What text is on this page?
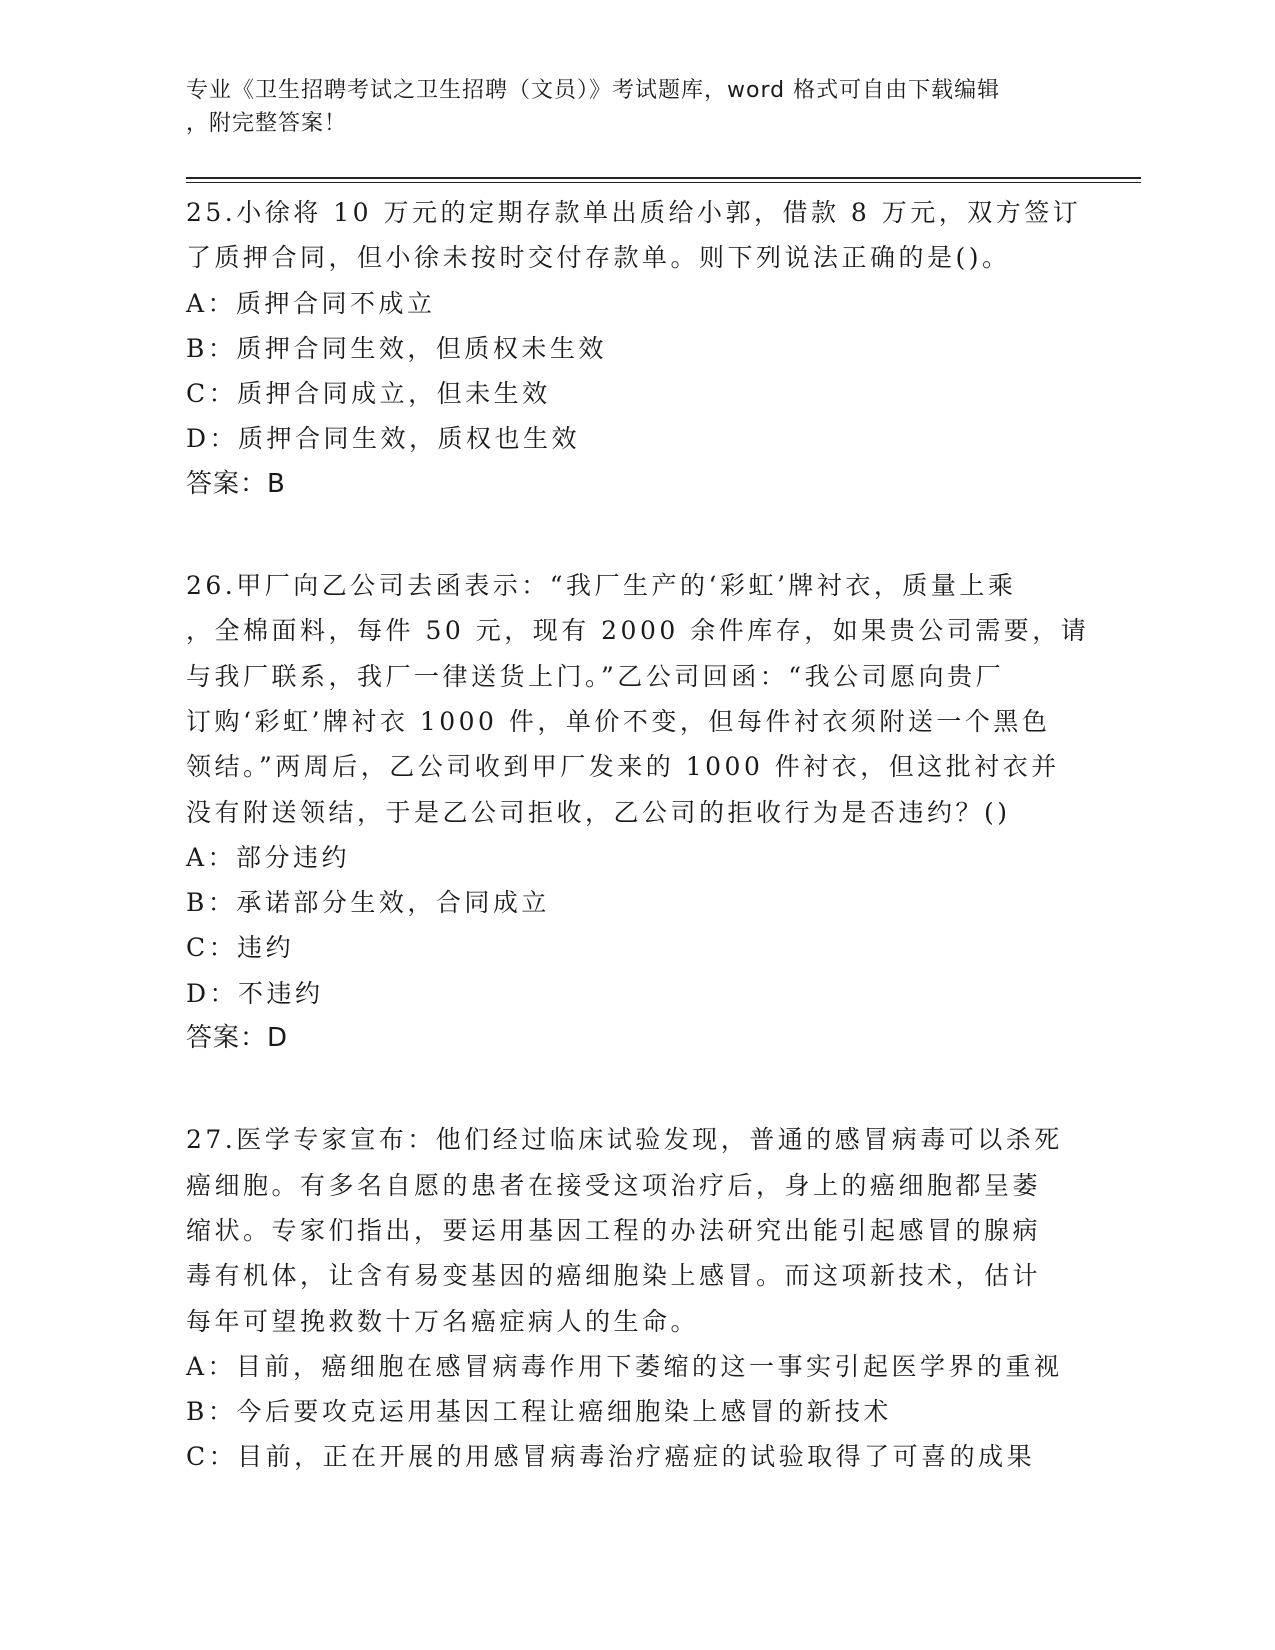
专业《卫生招聘考试之卫生招聘（文员）》考试题库，word 格式可自由下载编辑
，附完整答案！
25.小徐将 10 万元的定期存款单出质给小郭，借款 8 万元，双方签订
了质押合同，但小徐未按时交付存款单。则下列说法正确的是()。
A：质押合同不成立
B：质押合同生效，但质权未生效
C：质押合同成立，但未生效
D：质押合同生效，质权也生效
答案：B
26.甲厂向乙公司去函表示：“我厂生产的‘彩虹’牌衬衣，质量上乘
，全棉面料，每件 50 元，现有 2000 余件库存，如果贵公司需要，请
与我厂联系，我厂一律送货上门。”乙公司回函：“我公司愿向贵厂
订购‘彩虹’牌衬衣 1000 件，单价不变，但每件衬衣须附送一个黑色
领结。”两周后，乙公司收到甲厂发来的 1000 件衬衣，但这批衬衣并
没有附送领结，于是乙公司拒收，乙公司的拒收行为是否违约？()
A：部分违约
B：承诺部分生效，合同成立
C：违约
D：不违约
答案：D
27.医学专家宣布：他们经过临床试验发现，普通的感冒病毒可以杀死
癌细胞。有多名自愿的患者在接受这项治疗后，身上的癌细胞都呈萎
缩状。专家们指出，要运用基因工程的办法研究出能引起感冒的腺病
毒有机体，让含有易变基因的癌细胞染上感冒。而这项新技术，估计
每年可望挽救数十万名癌症病人的生命。
A：目前，癌细胞在感冒病毒作用下萎缩的这一事实引起医学界的重视
B：今后要攻克运用基因工程让癌细胞染上感冒的新技术
C：目前，正在开展的用感冒病毒治疗癌症的试验取得了可喜的成果
